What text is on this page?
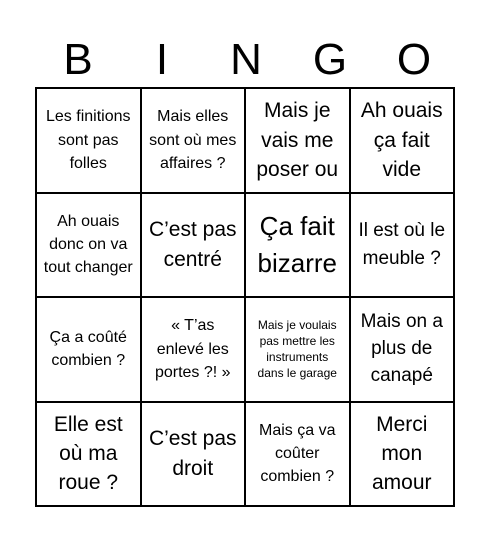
B	I	N	G	O
Les finitions sont pas folles
Mais elles sont où mes affaires ?
Mais je vais me poser ou
Ah ouais ça fait vide
Ah ouais donc on va tout changer
C’est pas centré
Ça fait bizarre
Il est où le meuble ?
Ça a coûté combien ?
« T’as enlevé les portes ?! »
Mais je voulais pas mettre les instruments dans le garage
Mais on a plus de canapé
Elle est où ma roue ?
C’est pas droit
Mais ça va coûter combien ?
Merci mon amour
